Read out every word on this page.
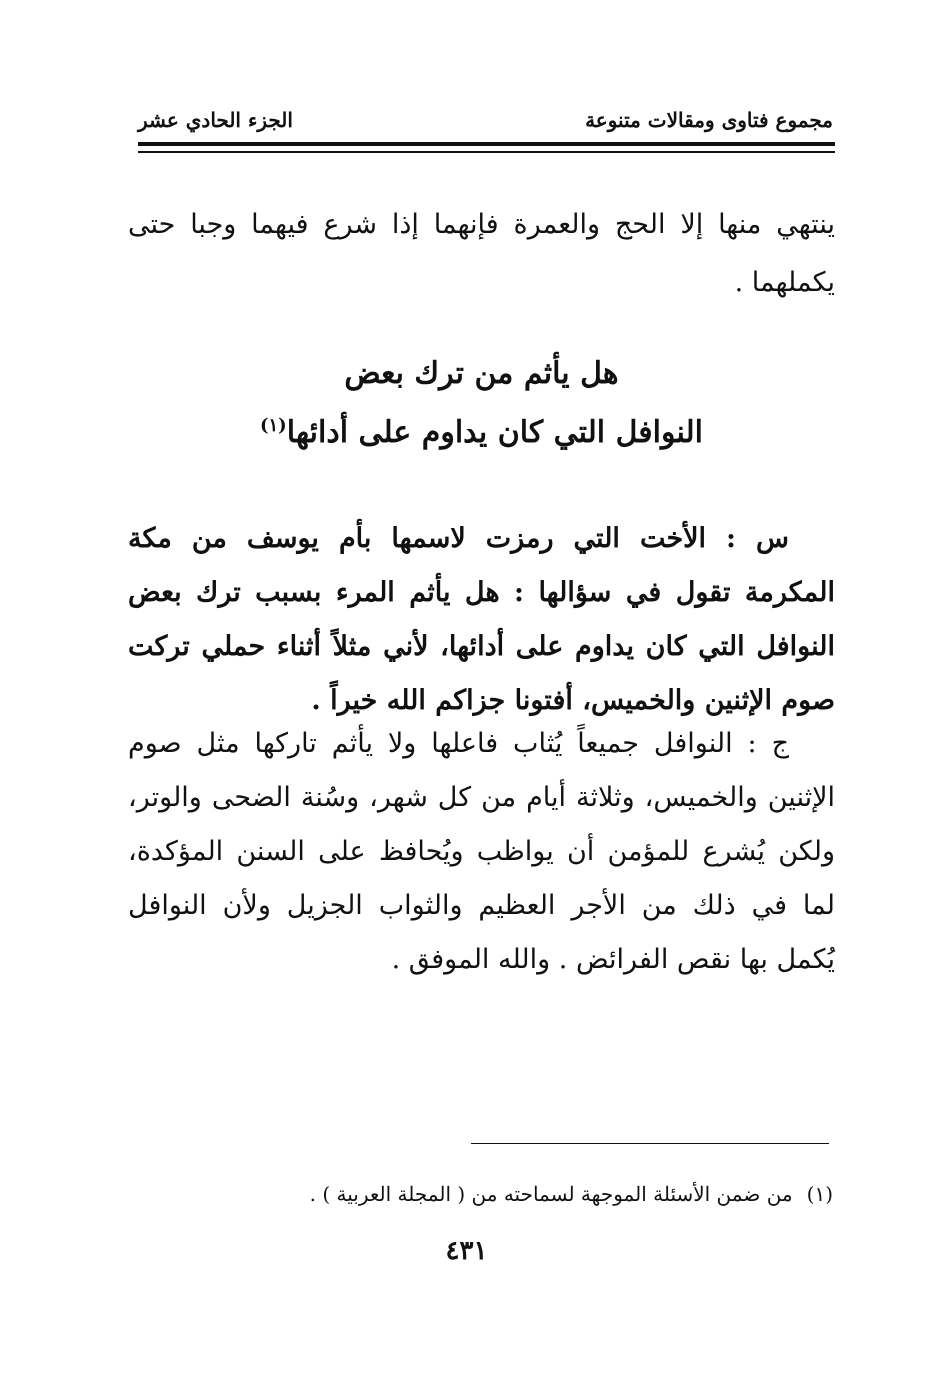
مجموع فتاوى ومقالات متنوعة
الجزء الحادي عشر

ينتهي منها إلا الحج والعمرة فإنهما إذا شرع فيهما وجبا حتى يكملهما .

هل يأثم من ترك بعض
النوافل التي كان يداوم على أدائها$^{(١)}$

س : الأخت التي رمزت لاسمها بأم يوسف من مكة المكرمة تقول في سؤالها : هل يأثم المرء بسبب ترك بعض النوافل التي كان يداوم على أدائها، لأني مثلاً أثناء حملي تركت صوم الإثنين والخميس، أفتونا جزاكم الله خيراً .

ج : النوافل جميعاً يُثاب فاعلها ولا يأثم تاركها مثل صوم الإثنين والخميس، وثلاثة أيام من كل شهر، وسُنة الضحى والوتر، ولكن يُشرع للمؤمن أن يواظب ويُحافظ على السنن المؤكدة، لما في ذلك من الأجر العظيم والثواب الجزيل ولأن النوافل يُكمل بها نقص الفرائض . والله الموفق .

(١)من ضمن الأسئلة الموجهة لسماحته من ( المجلة العربية ) .
٤٣١
